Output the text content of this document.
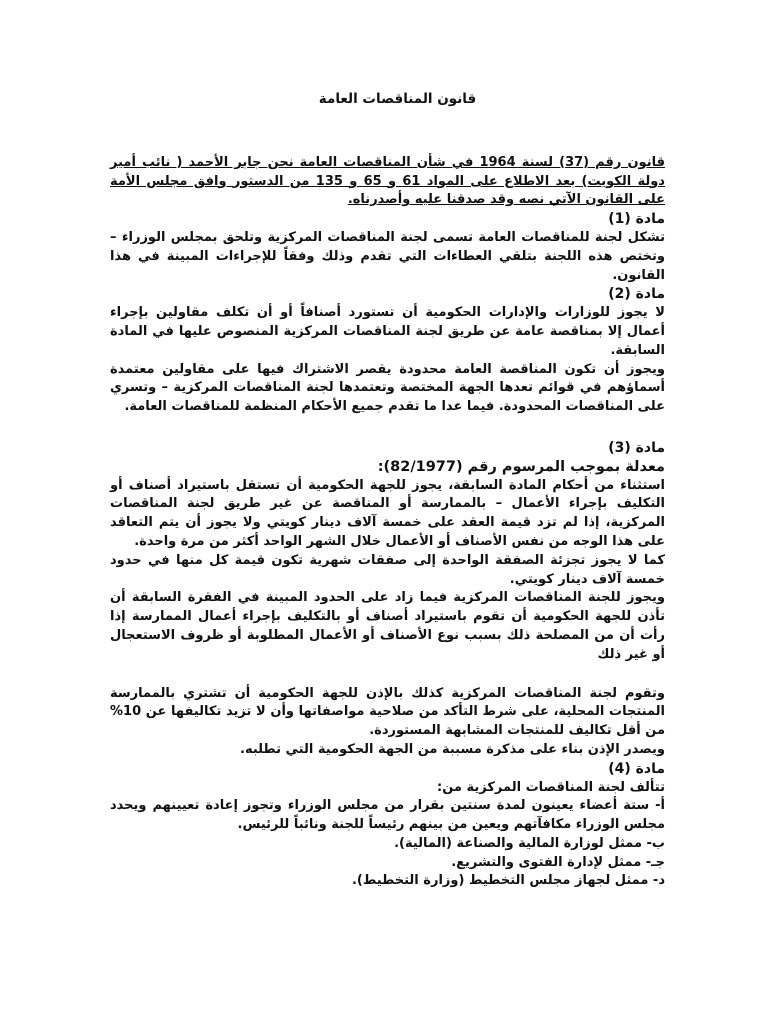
قانون المناقصات العامة

قانون رقم (37) لسنة 1964 في شأن المناقصات العامة نحن جابر الأحمد ( نائب أمير دولة الكويت) بعد الاطلاع على المواد 61 و 65 و 135 من الدستور وافق مجلس الأمة على القانون الآتي نصه وقد صدقنا عليه وأصدرناه.

مادة (1)

تشكل لجنة للمناقصات العامة تسمى لجنة المناقصات المركزية وتلحق بمجلس الوزراء – وتختص هذه اللجنة بتلقي العطاءات التي تقدم وذلك وفقاً للإجراءات المبينة في هذا القانون.

مادة (2)

لا يجوز للوزارات والإدارات الحكومية أن تستورد أصنافاً أو أن تكلف مقاولين بإجراء أعمال إلا بمناقصة عامة عن طريق لجنة المناقصات المركزية المنصوص عليها في المادة السابقة.

ويجوز أن تكون المناقصة العامة محدودة يقصر الاشتراك فيها على مقاولين معتمدة أسماؤهم في قوائم تعدها الجهة المختصة وتعتمدها لجنة المناقصات المركزية – وتسري على المناقصات المحدودة. فيما عدا ما تقدم جميع الأحكام المنظمة للمناقصات العامة.

مادة (3)

معدلة بموجب المرسوم رقم (82/1977):

استثناء من أحكام المادة السابقة، يجوز للجهة الحكومية أن تستقل باستيراد أصناف أو التكليف بإجراء الأعمال – بالممارسة أو المناقصة عن غير طريق لجنة المناقصات المركزية، إذا لم تزد قيمة العقد على خمسة آلاف دينار كويتي ولا يجوز أن يتم التعاقد على هذا الوجه من نفس الأصناف أو الأعمال خلال الشهر الواحد أكثر من مرة واحدة.

كما لا يجوز تجزئة الصفقة الواحدة إلى صفقات شهرية تكون قيمة كل منها في حدود خمسة آلاف دينار كويتي.

ويجوز للجنة المناقصات المركزية فيما زاد على الحدود المبينة في الفقرة السابقة أن تأذن للجهة الحكومية أن تقوم باستيراد أصناف أو بالتكليف بإجراء أعمال الممارسة إذا رأت أن من المصلحة ذلك بسبب نوع الأصناف أو الأعمال المطلوبة أو ظروف الاستعجال أو غير ذلك

وتقوم لجنة المناقصات المركزية كذلك بالإذن للجهة الحكومية أن تشتري بالممارسة المنتجات المحلية، على شرط التأكد من صلاحية مواصفاتها وأن لا تزيد تكاليفها عن 10% من أقل تكاليف للمنتجات المشابهة المستوردة.

ويصدر الإذن بناء على مذكرة مسببة من الجهة الحكومية التي تطلبه.

مادة (4)

تتألف لجنة المناقصات المركزية من:

أ- ستة أعضاء يعينون لمدة سنتين بقرار من مجلس الوزراء وتجوز إعادة تعيينهم ويحدد مجلس الوزراء مكافآتهم ويعين من بينهم رئيساً للجنة ونائباً للرئيس.

ب- ممثل لوزارة المالية والصناعة (المالية).

جـ- ممثل لإدارة الفتوى والتشريع.

د- ممثل لجهاز مجلس التخطيط (وزارة التخطيط).
